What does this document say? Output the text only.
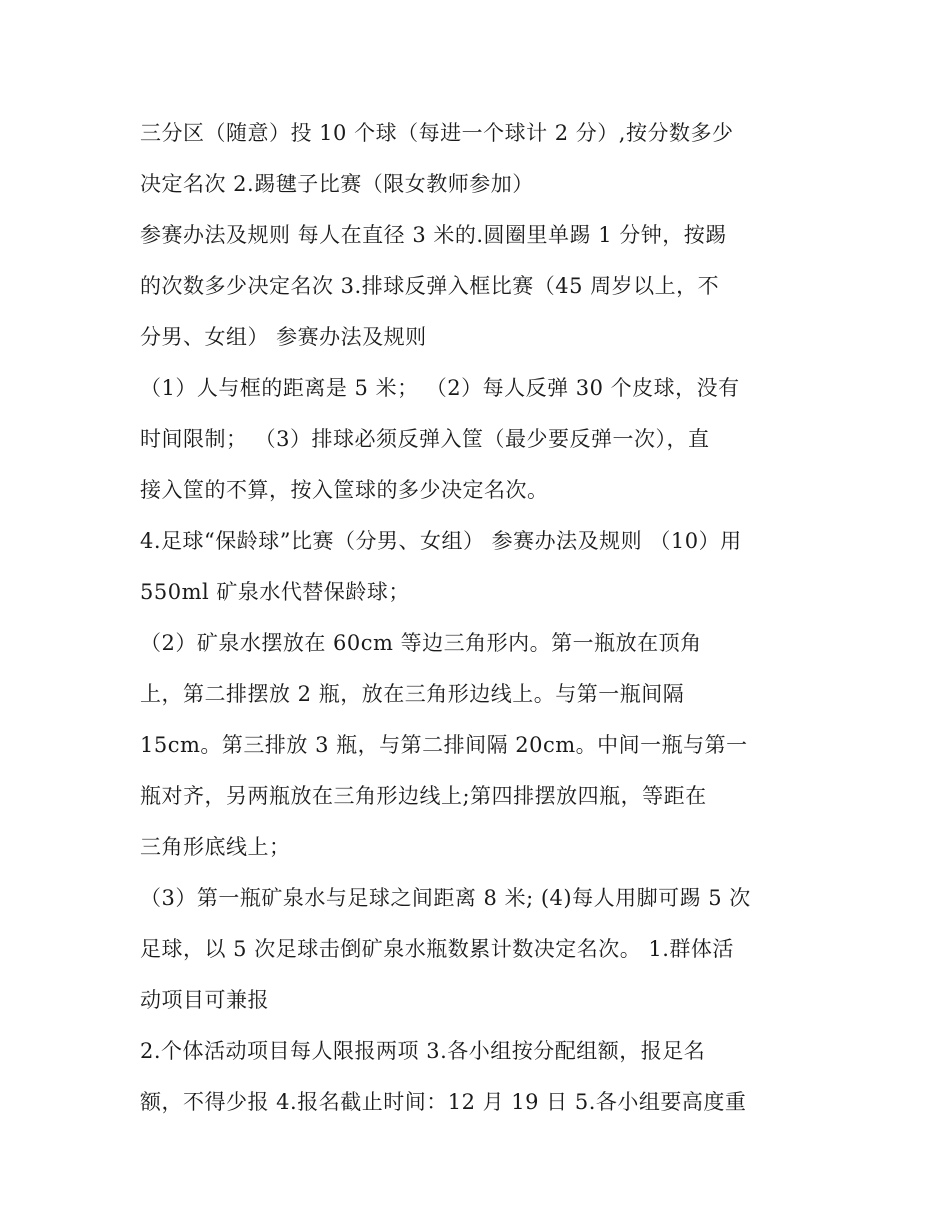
三分区（随意）投 10 个球（每进一个球计 2 分）,按分数多少
决定名次 2.踢毽子比赛（限女教师参加）
参赛办法及规则 每人在直径 3 米的.圆圈里单踢 1 分钟，按踢
的次数多少决定名次 3.排球反弹入框比赛（45 周岁以上，不
分男、女组） 参赛办法及规则
（1）人与框的距离是 5 米； （2）每人反弹 30 个皮球，没有
时间限制； （3）排球必须反弹入筐（最少要反弹一次），直
接入筐的不算，按入筐球的多少决定名次。
4.足球“保龄球”比赛（分男、女组） 参赛办法及规则 （10）用
550ml 矿泉水代替保龄球；
（2）矿泉水摆放在 60cm 等边三角形内。第一瓶放在顶角
上，第二排摆放 2 瓶，放在三角形边线上。与第一瓶间隔
15cm。第三排放 3 瓶，与第二排间隔 20cm。中间一瓶与第一
瓶对齐，另两瓶放在三角形边线上;第四排摆放四瓶，等距在
三角形底线上；
（3）第一瓶矿泉水与足球之间距离 8 米; (4)每人用脚可踢 5 次
足球，以 5 次足球击倒矿泉水瓶数累计数决定名次。 1.群体活
动项目可兼报
2.个体活动项目每人限报两项 3.各小组按分配组额，报足名
额，不得少报 4.报名截止时间：12 月 19 日 5.各小组要高度重
